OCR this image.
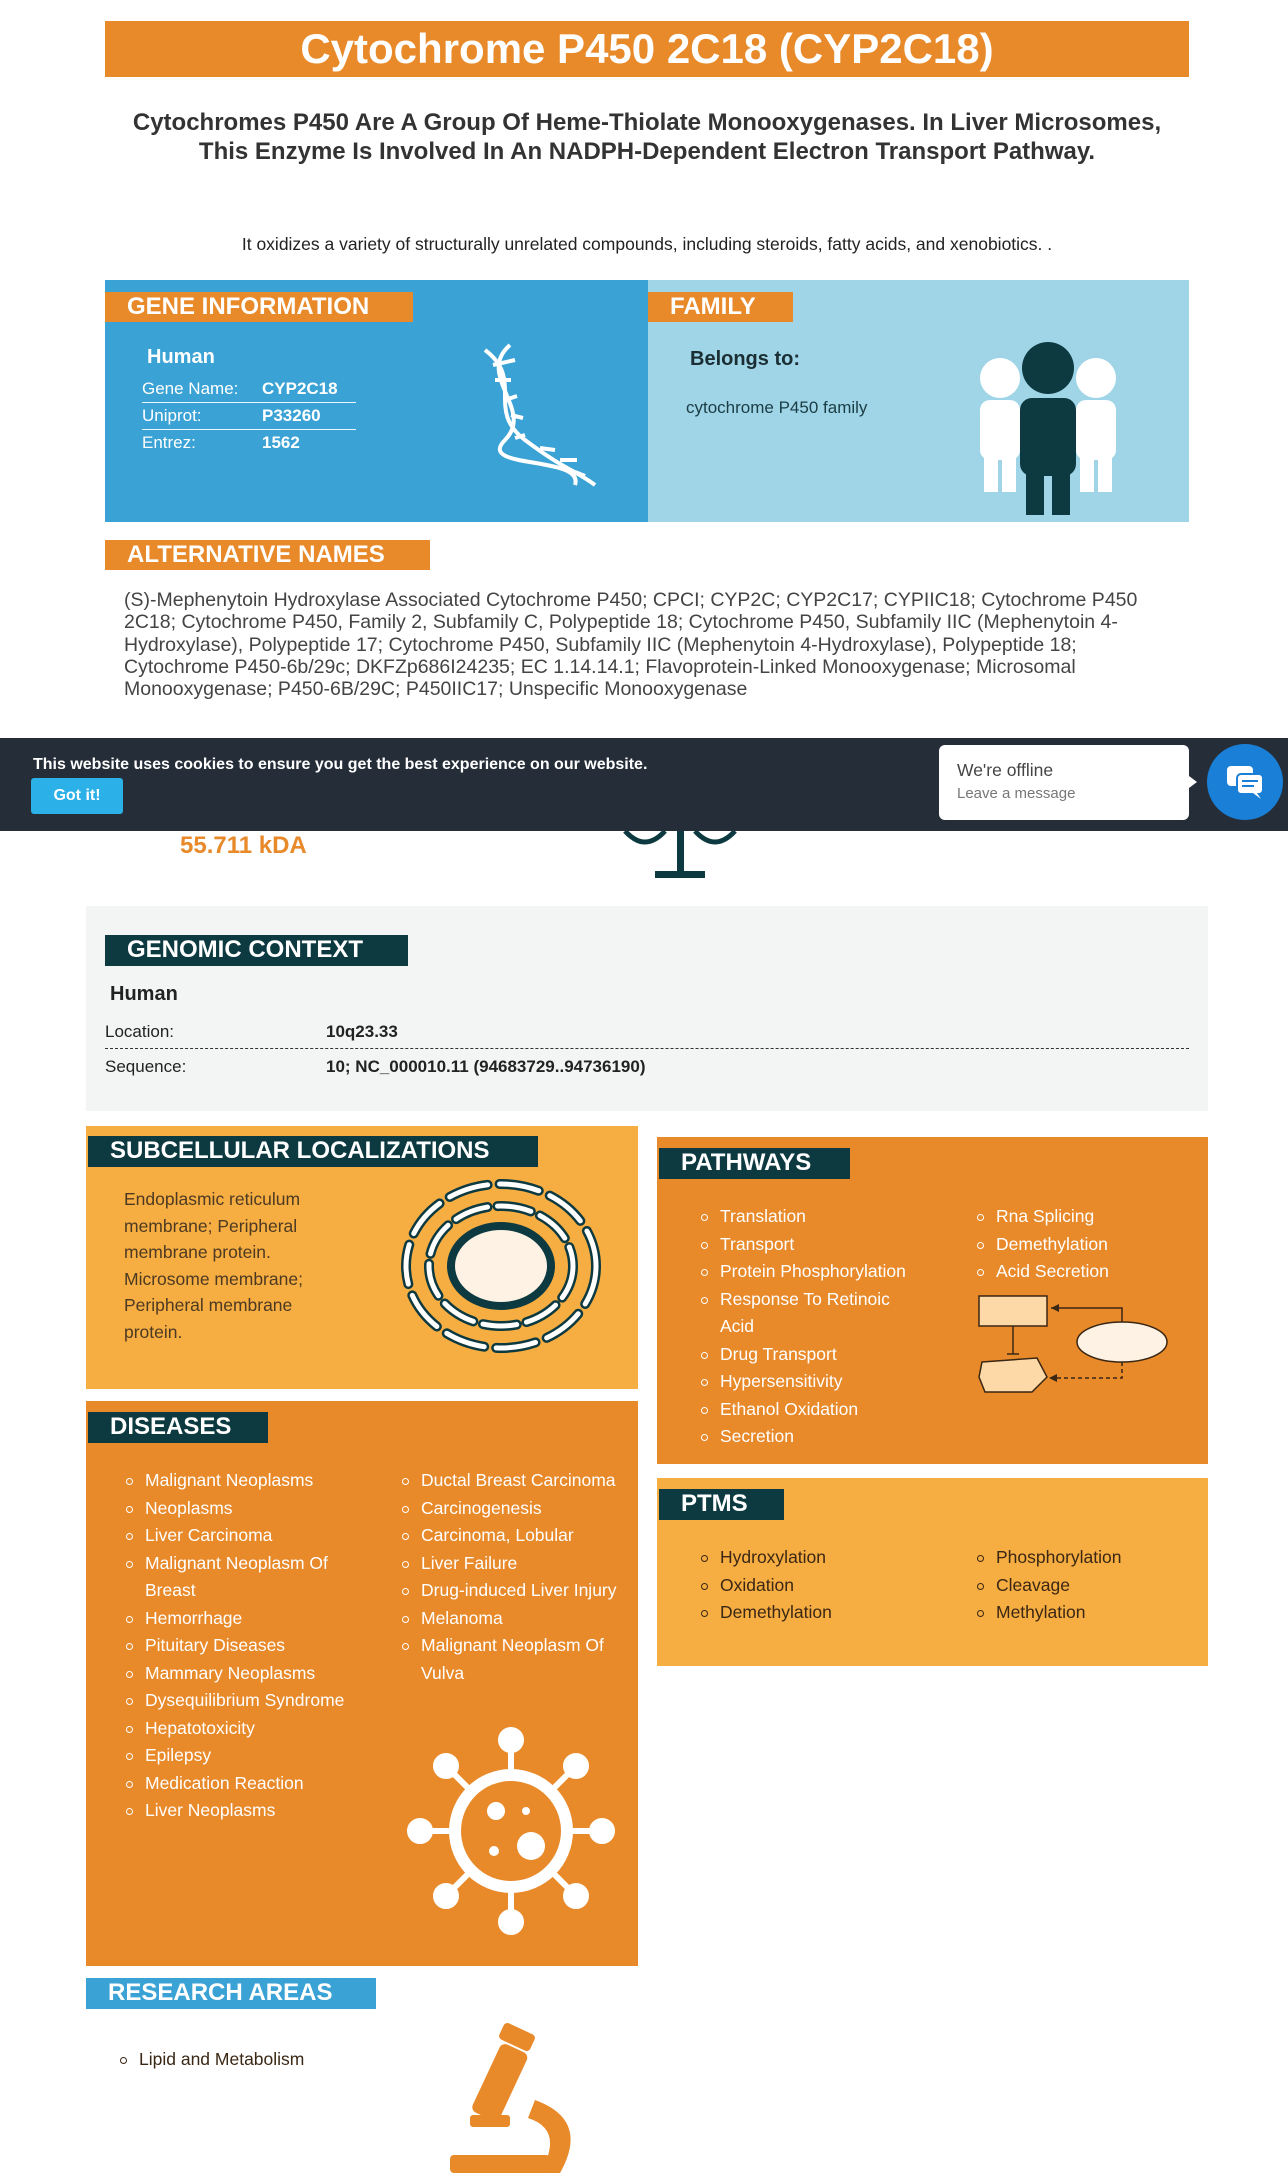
Cytochrome P450 2C18 (CYP2C18)
Cytochromes P450 Are A Group Of Heme-Thiolate Monooxygenases. In Liver Microsomes, This Enzyme Is Involved In An NADPH-Dependent Electron Transport Pathway.
It oxidizes a variety of structurally unrelated compounds, including steroids, fatty acids, and xenobiotics. .
GENE INFORMATION
Human
Gene Name: CYP2C18
Uniprot:	P33260
Entrez:	1562
FAMILY
Belongs to:
cytochrome P450 family
ALTERNATIVE NAMES
(S)-Mephenytoin Hydroxylase Associated Cytochrome P450; CPCI; CYP2C; CYP2C17; CYPIIC18; Cytochrome P450 2C18; Cytochrome P450, Family 2, Subfamily C, Polypeptide 18; Cytochrome P450, Subfamily IIC (Mephenytoin 4-Hydroxylase), Polypeptide 17; Cytochrome P450, Subfamily IIC (Mephenytoin 4-Hydroxylase), Polypeptide 18; Cytochrome P450-6b/29c; DKFZp686I24235; EC 1.14.14.1; Flavoprotein-Linked Monooxygenase; Microsomal Monooxygenase; P450-6B/29C; P450IIC17; Unspecific Monooxygenase
This website uses cookies to ensure you get the best experience on our website.
Got it!
We're offline
Leave a message
55.711 kDA
GENOMIC CONTEXT
Human
Location:	10q23.33
Sequence:	10; NC_000010.11 (94683729..94736190)
SUBCELLULAR LOCALIZATIONS
Endoplasmic reticulum membrane; Peripheral membrane protein. Microsome membrane; Peripheral membrane protein.
PATHWAYS
Translation
Transport
Protein Phosphorylation
Response To Retinoic Acid
Drug Transport
Hypersensitivity
Ethanol Oxidation
Secretion
Rna Splicing
Demethylation
Acid Secretion
PTMS
Hydroxylation
Oxidation
Demethylation
Phosphorylation
Cleavage
Methylation
DISEASES
Malignant Neoplasms
Neoplasms
Liver Carcinoma
Malignant Neoplasm Of Breast
Hemorrhage
Pituitary Diseases
Mammary Neoplasms
Dysequilibrium Syndrome
Hepatotoxicity
Epilepsy
Medication Reaction
Liver Neoplasms
Ductal Breast Carcinoma
Carcinogenesis
Carcinoma, Lobular
Liver Failure
Drug-induced Liver Injury
Melanoma
Malignant Neoplasm Of Vulva
RESEARCH AREAS
Lipid and Metabolism
